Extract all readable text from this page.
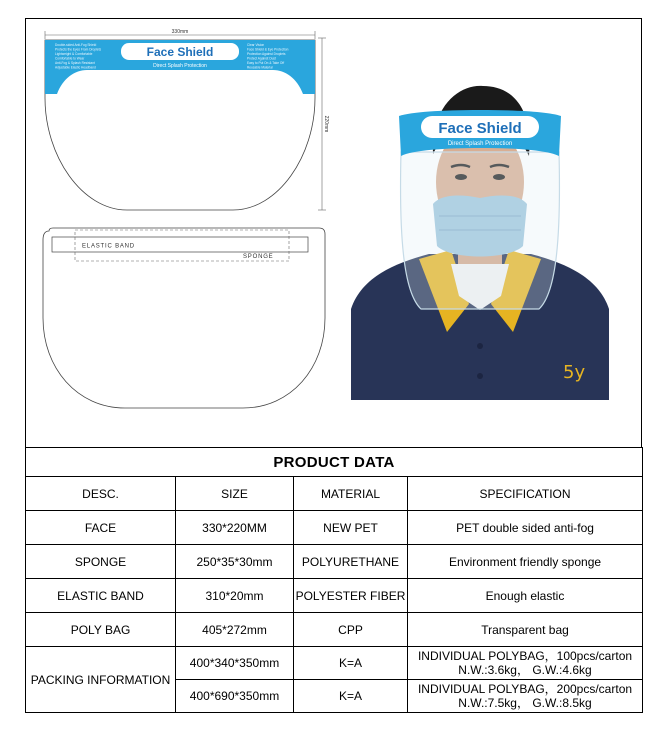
330mm
220mm
Face Shield
Direct Splash Protection
Double-sided Anti-Fog Shield
Protects the Eyes From Droplets
Lightweight & Comfortable
Comfortable to Wear
Anti-Fog & Splash Resistant
Adjustable Elastic Headband
Clear Vision
Face Shield & Eye Protection
Protection Against Droplets
Protect Against Dust
Easy to Put On & Take Off
Reusable Material
ELASTIC BAND
SPONGE
5y
Face Shield
Direct Splash Protection
PRODUCT DATA			
DESC.	SIZE	MATERIAL	SPECIFICATION
FACE	330*220MM	NEW PET	PET double sided anti-fog
SPONGE	250*35*30mm	POLYURETHANE	Environment friendly sponge
ELASTIC BAND	310*20mm	POLYESTER FIBER	Enough elastic
POLY BAG	405*272mm	CPP	Transparent bag
PACKING INFORMATION	400*340*350mm	K=A	INDIVIDUAL POLYBAG，100pcs/carton
N.W.:3.6kg， G.W.:4.6kg

	400*690*350mm	K=A	INDIVIDUAL POLYBAG，200pcs/carton
N.W.:7.5kg， G.W.:8.5kg
